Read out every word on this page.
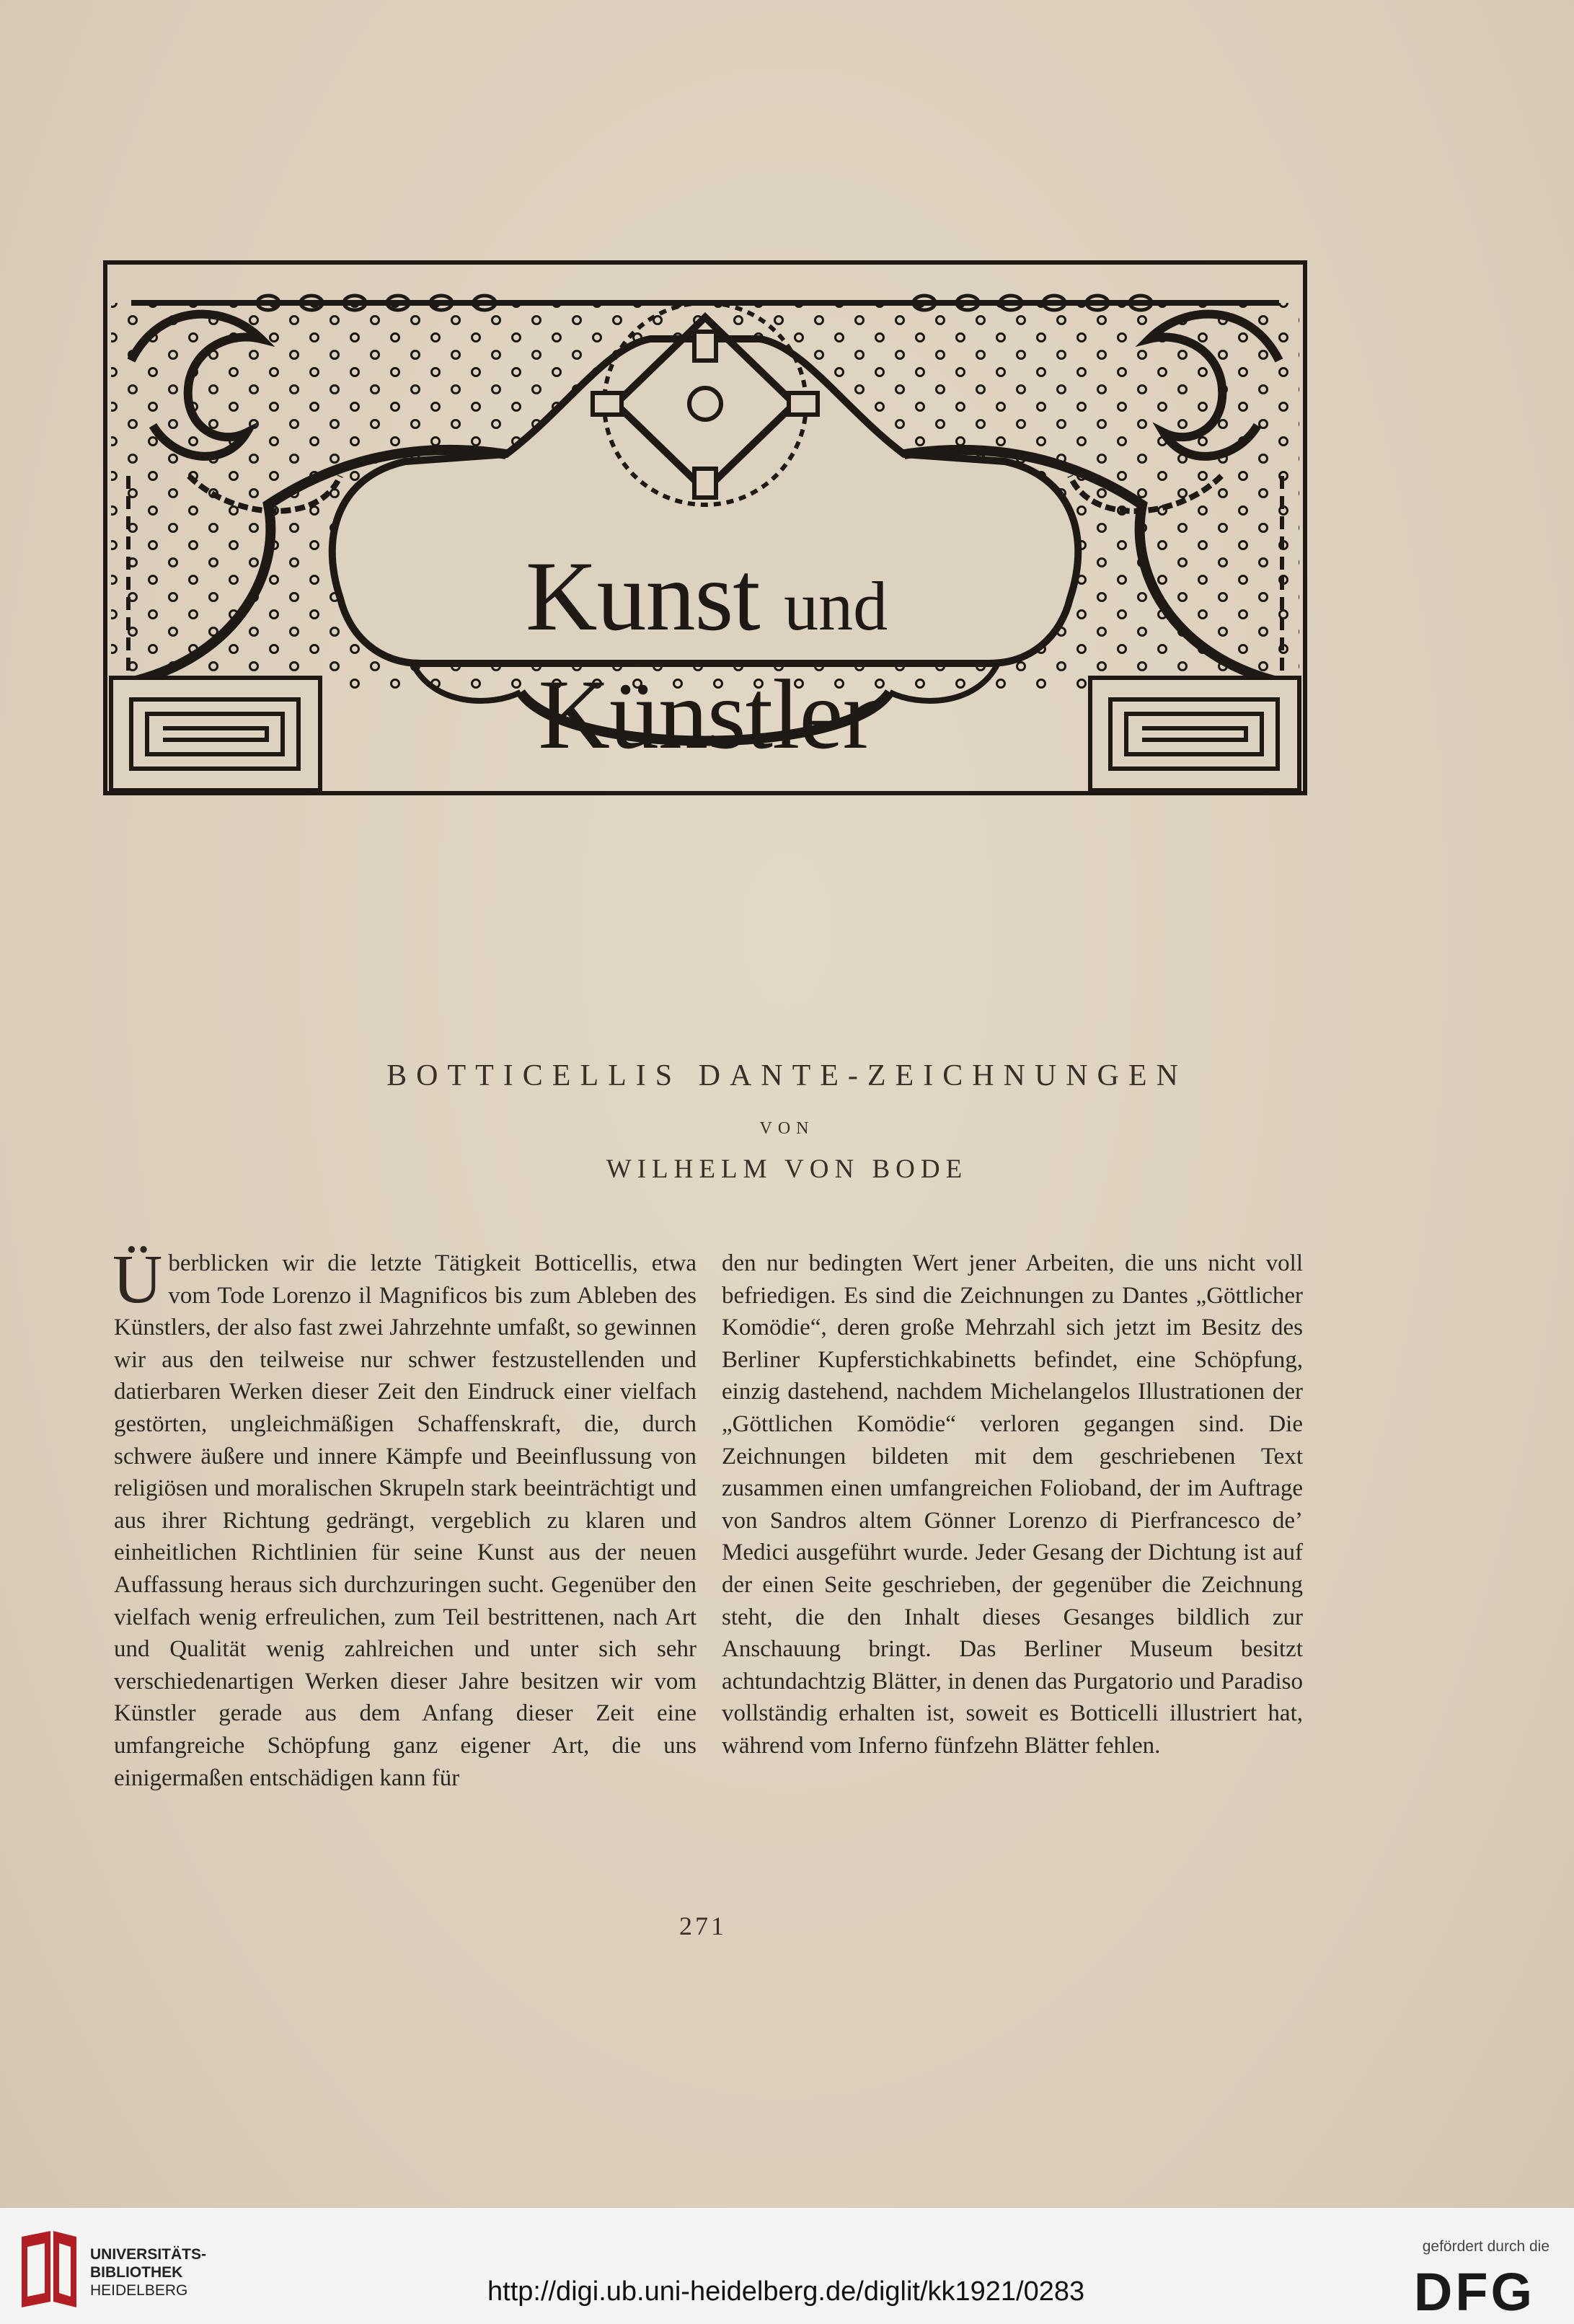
Kunst und Künstler
BOTTICELLIS DANTE-ZEICHNUNGEN
VON
WILHELM VON BODE

Überblicken wir die letzte Tätigkeit Botticellis, etwa vom Tode Lorenzo il Magnificos bis zum Ableben des Künstlers, der also fast zwei Jahrzehnte umfaßt, so gewinnen wir aus den teilweise nur schwer festzustellenden und datierbaren Werken dieser Zeit den Eindruck einer vielfach gestörten, ungleichmäßigen Schaffenskraft, die, durch schwere äußere und innere Kämpfe und Beeinflussung von religiösen und moralischen Skrupeln stark beeinträchtigt und aus ihrer Richtung gedrängt, vergeblich zu klaren und einheitlichen Richtlinien für seine Kunst aus der neuen Auffassung heraus sich durchzuringen sucht. Gegenüber den vielfach wenig erfreulichen, zum Teil bestrittenen, nach Art und Qualität wenig zahlreichen und unter sich sehr verschiedenartigen Werken dieser Jahre besitzen wir vom Künstler gerade aus dem Anfang dieser Zeit eine umfangreiche Schöpfung ganz eigener Art, die uns einigermaßen entschädigen kann für

den nur bedingten Wert jener Arbeiten, die uns nicht voll befriedigen. Es sind die Zeichnungen zu Dantes „Göttlicher Komödie“, deren große Mehrzahl sich jetzt im Besitz des Berliner Kupferstichkabinetts befindet, eine Schöpfung, einzig dastehend, nachdem Michelangelos Illustrationen der „Göttlichen Komödie“ verloren gegangen sind. Die Zeichnungen bildeten mit dem geschriebenen Text zusammen einen umfangreichen Folioband, der im Auftrage von Sandros altem Gönner Lorenzo di Pierfrancesco de’ Medici ausgeführt wurde. Jeder Gesang der Dichtung ist auf der einen Seite geschrieben, der gegenüber die Zeichnung steht, die den Inhalt dieses Gesanges bildlich zur Anschauung bringt. Das Berliner Museum besitzt achtundachtzig Blätter, in denen das Purgatorio und Paradiso vollständig erhalten ist, soweit es Botticelli illustriert hat, während vom Inferno fünfzehn Blätter fehlen.

271
UNIVERSITÄTS-
BIBLIOTHEK
HEIDELBERG	http://digi.ub.uni-heidelberg.de/diglit/kk1921/0283
gefördert durch die
DFG
